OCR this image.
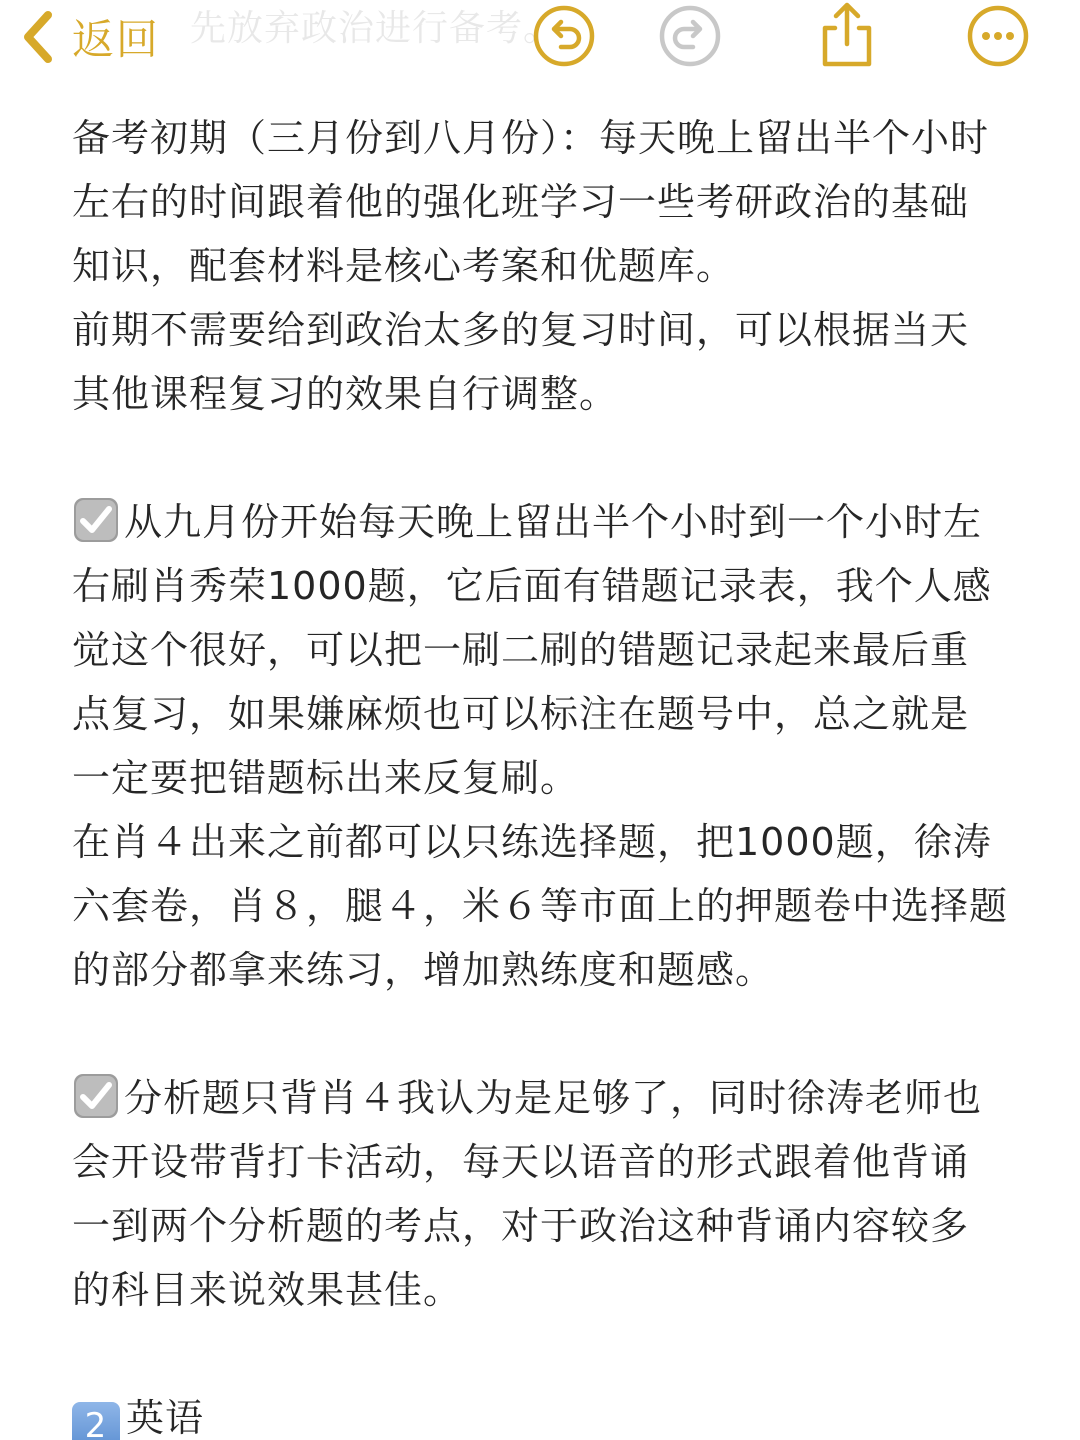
先放弃政治进行备考。
返回
备考初期（三月份到八月份）：每天晚上留出半个小时
左右的时间跟着他的强化班学习一些考研政治的基础
知识，配套材料是核心考案和优题库。
前期不需要给到政治太多的复习时间，可以根据当天
其他课程复习的效果自行调整。
从九月份开始每天晚上留出半个小时到一个小时左
右刷肖秀荣1000题，它后面有错题记录表，我个人感
觉这个很好，可以把一刷二刷的错题记录起来最后重
点复习，如果嫌麻烦也可以标注在题号中，总之就是
一定要把错题标出来反复刷。
在肖４出来之前都可以只练选择题，把1000题，徐涛
六套卷，肖８，腿４，米６等市面上的押题卷中选择题
的部分都拿来练习，增加熟练度和题感。
分析题只背肖４我认为是足够了，同时徐涛老师也
会开设带背打卡活动，每天以语音的形式跟着他背诵
一到两个分析题的考点，对于政治这种背诵内容较多
的科目来说效果甚佳。
2 英语
